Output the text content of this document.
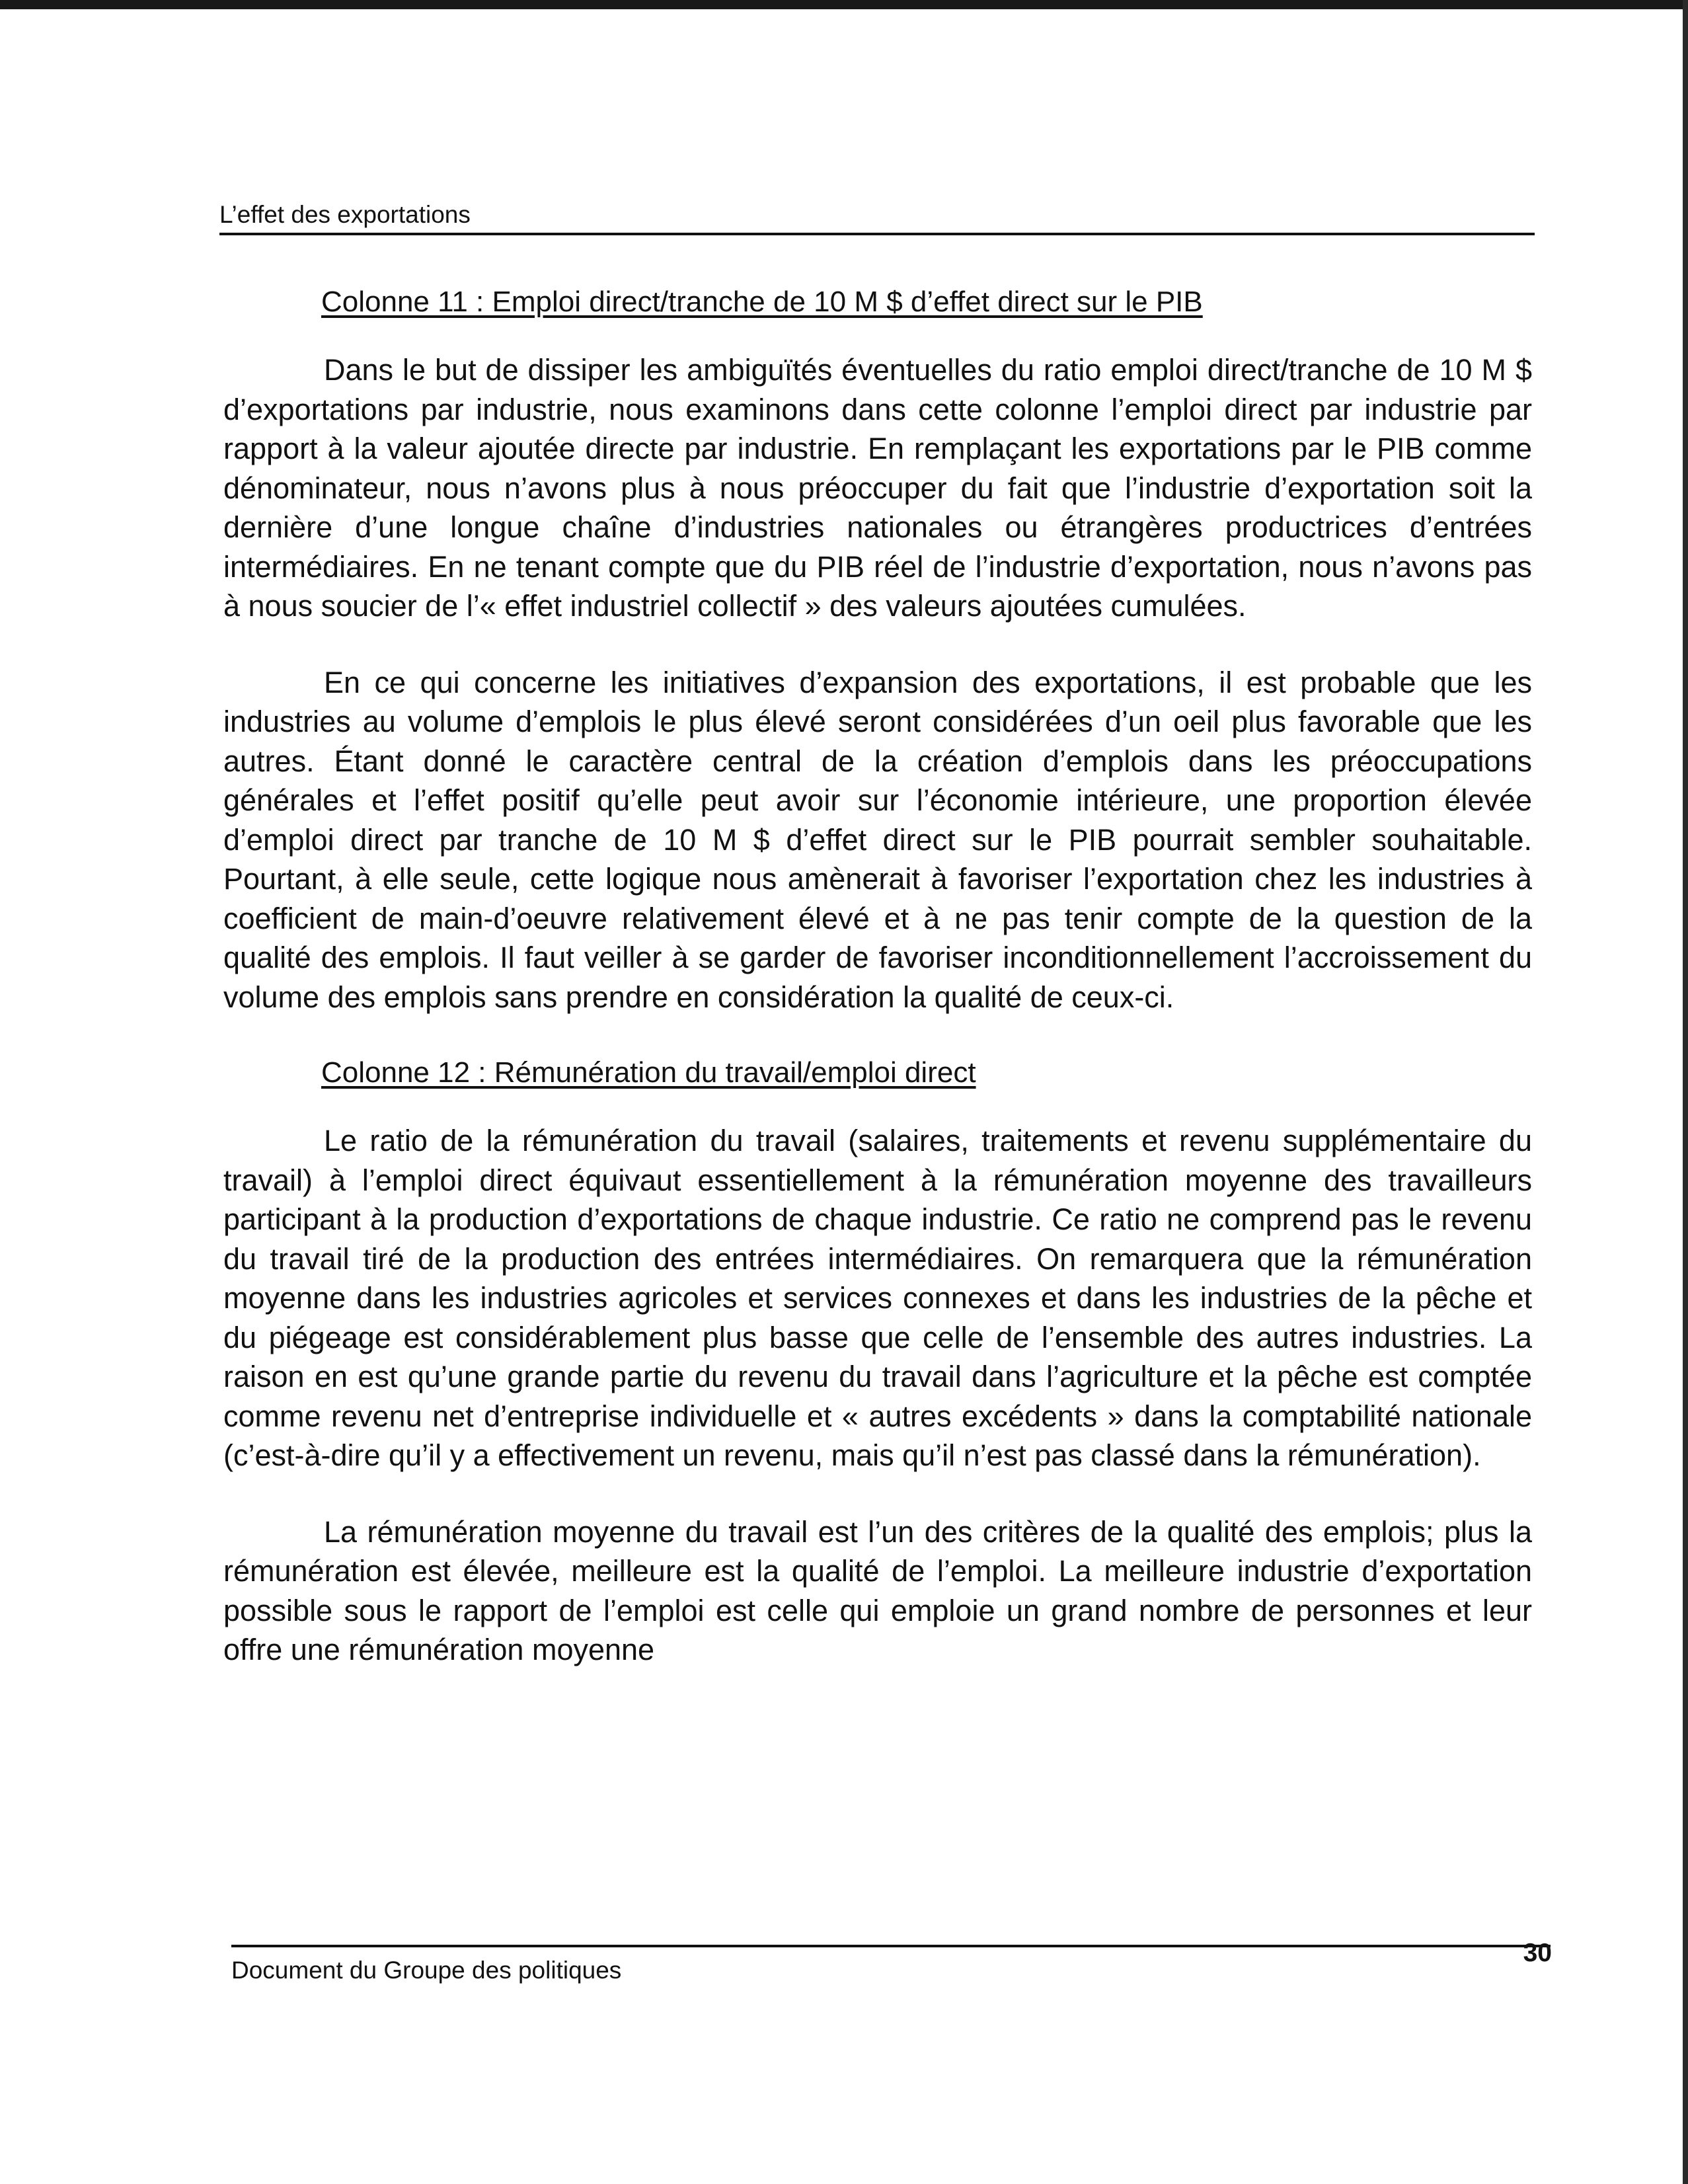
L’effet des exportations
Colonne 11 : Emploi direct/tranche de 10 M $ d’effet direct sur le PIB

Dans le but de dissiper les ambiguïtés éventuelles du ratio emploi direct/tranche de 10 M $ d’exportations par industrie, nous examinons dans cette colonne l’emploi direct par industrie par rapport à la valeur ajoutée directe par industrie. En remplaçant les exportations par le PIB comme dénominateur, nous n’avons plus à nous préoccuper du fait que l’industrie d’exportation soit la dernière d’une longue chaîne d’industries nationales ou étrangères productrices d’entrées intermédiaires. En ne tenant compte que du PIB réel de l’industrie d’exportation, nous n’avons pas à nous soucier de l’« effet industriel collectif » des valeurs ajoutées cumulées.

En ce qui concerne les initiatives d’expansion des exportations, il est probable que les industries au volume d’emplois le plus élevé seront considérées d’un oeil plus favorable que les autres. Étant donné le caractère central de la création d’emplois dans les préoccupations générales et l’effet positif qu’elle peut avoir sur l’économie intérieure, une proportion élevée d’emploi direct par tranche de 10 M $ d’effet direct sur le PIB pourrait sembler souhaitable. Pourtant, à elle seule, cette logique nous amènerait à favoriser l’exportation chez les industries à coefficient de main-d’oeuvre relativement élevé et à ne pas tenir compte de la question de la qualité des emplois. Il faut veiller à se garder de favoriser inconditionnellement l’accroissement du volume des emplois sans prendre en considération la qualité de ceux-ci.

Colonne 12 : Rémunération du travail/emploi direct

Le ratio de la rémunération du travail (salaires, traitements et revenu supplémentaire du travail) à l’emploi direct équivaut essentiellement à la rémunération moyenne des travailleurs participant à la production d’exportations de chaque industrie. Ce ratio ne comprend pas le revenu du travail tiré de la production des entrées intermédiaires. On remarquera que la rémunération moyenne dans les industries agricoles et services connexes et dans les industries de la pêche et du piégeage est considérablement plus basse que celle de l’ensemble des autres industries. La raison en est qu’une grande partie du revenu du travail dans l’agriculture et la pêche est comptée comme revenu net d’entreprise individuelle et « autres excédents » dans la comptabilité nationale (c’est-à-dire qu’il y a effectivement un revenu, mais qu’il n’est pas classé dans la rémunération).

La rémunération moyenne du travail est l’un des critères de la qualité des emplois; plus la rémunération est élevée, meilleure est la qualité de l’emploi. La meilleure industrie d’exportation possible sous le rapport de l’emploi est celle qui emploie un grand nombre de personnes et leur offre une rémunération moyenne

Document du Groupe des politiques
30
